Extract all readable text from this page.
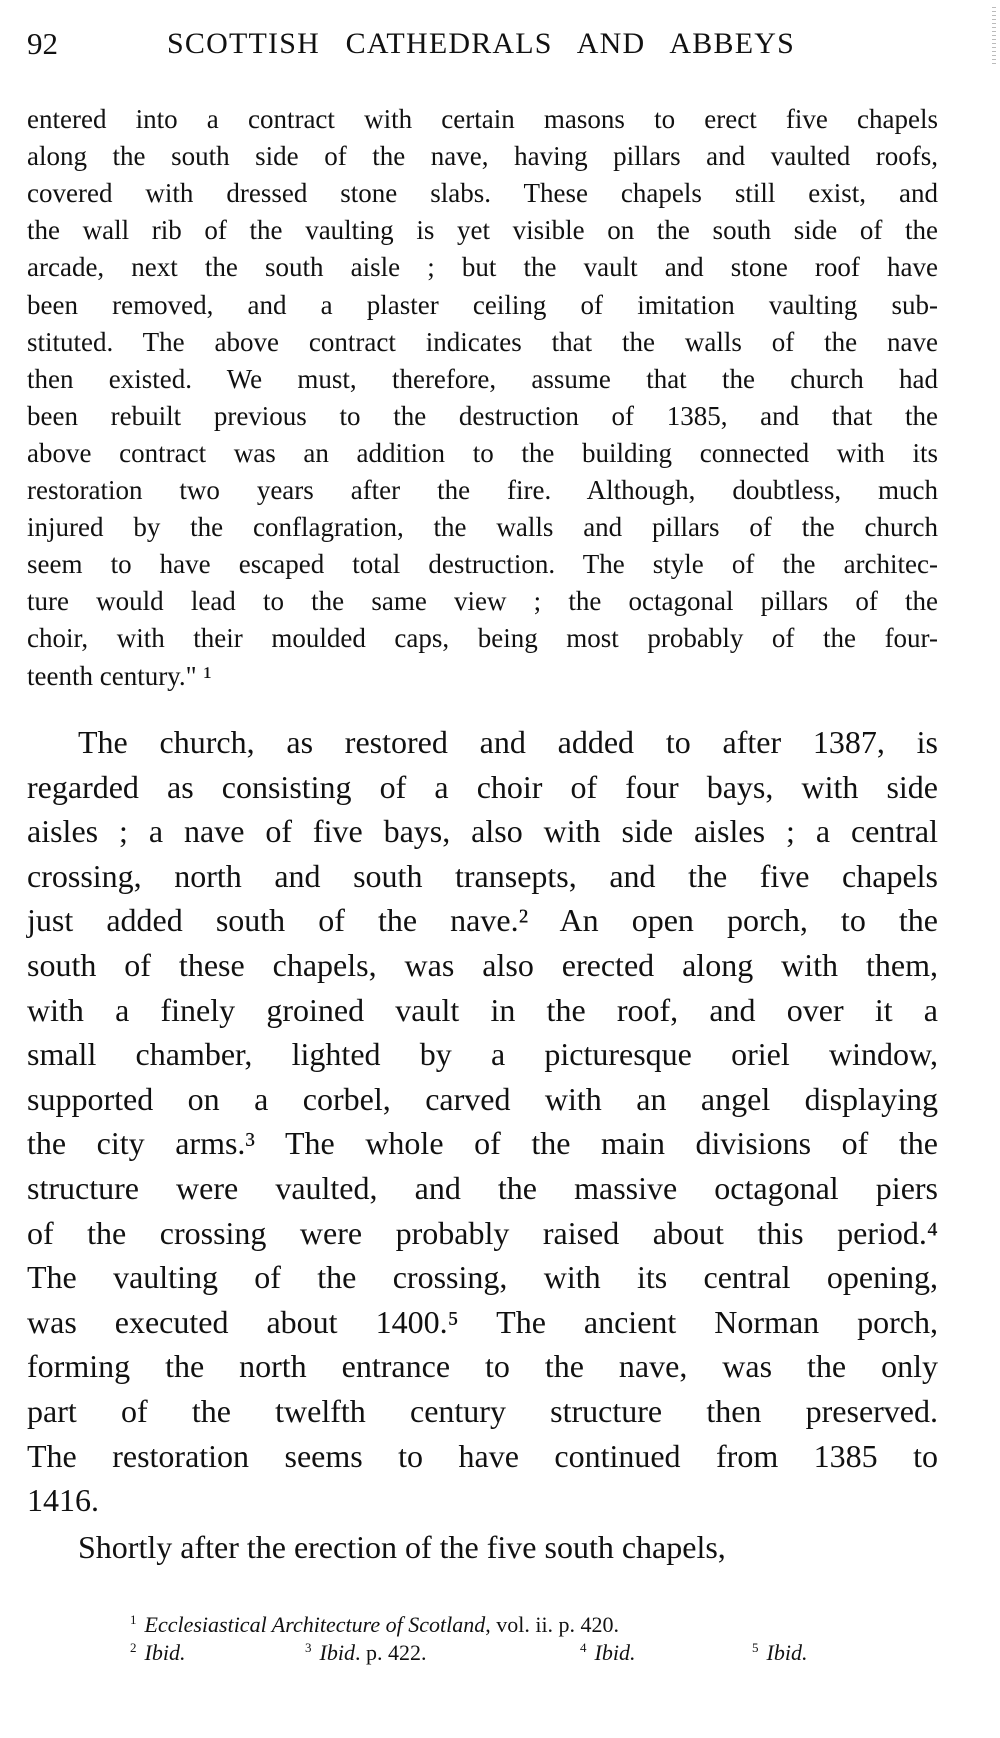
92	SCOTTISH CATHEDRALS AND ABBEYS
entered into a contract with certain masons to erect five chapels
along the south side of the nave, having pillars and vaulted roofs,
covered with dressed stone slabs. These chapels still exist, and
the wall rib of the vaulting is yet visible on the south side of the
arcade, next the south aisle ; but the vault and stone roof have
been removed, and a plaster ceiling of imitation vaulting sub-
stituted. The above contract indicates that the walls of the nave
then existed. We must, therefore, assume that the church had
been rebuilt previous to the destruction of 1385, and that the
above contract was an addition to the building connected with its
restoration two years after the fire. Although, doubtless, much
injured by the conflagration, the walls and pillars of the church
seem to have escaped total destruction. The style of the architec-
ture would lead to the same view ; the octagonal pillars of the
choir, with their moulded caps, being most probably of the four-
teenth century." ¹
The church, as restored and added to after 1387, is
regarded as consisting of a choir of four bays, with side
aisles ; a nave of five bays, also with side aisles ; a central
crossing, north and south transepts, and the five chapels
just added south of the nave.² An open porch, to the
south of these chapels, was also erected along with them,
with a finely groined vault in the roof, and over it a
small chamber, lighted by a picturesque oriel window,
supported on a corbel, carved with an angel displaying
the city arms.³ The whole of the main divisions of the
structure were vaulted, and the massive octagonal piers
of the crossing were probably raised about this period.⁴
The vaulting of the crossing, with its central opening,
was executed about 1400.⁵ The ancient Norman porch,
forming the north entrance to the nave, was the only
part of the twelfth century structure then preserved.
The restoration seems to have continued from 1385 to
1416.
Shortly after the erection of the five south chapels,
$^1$ Ecclesiastical Architecture of Scotland, vol. ii. p. 420.
$^2$ Ibid.	$^3$ Ibid. p. 422.	$^4$ Ibid.	$^5$ Ibid.
